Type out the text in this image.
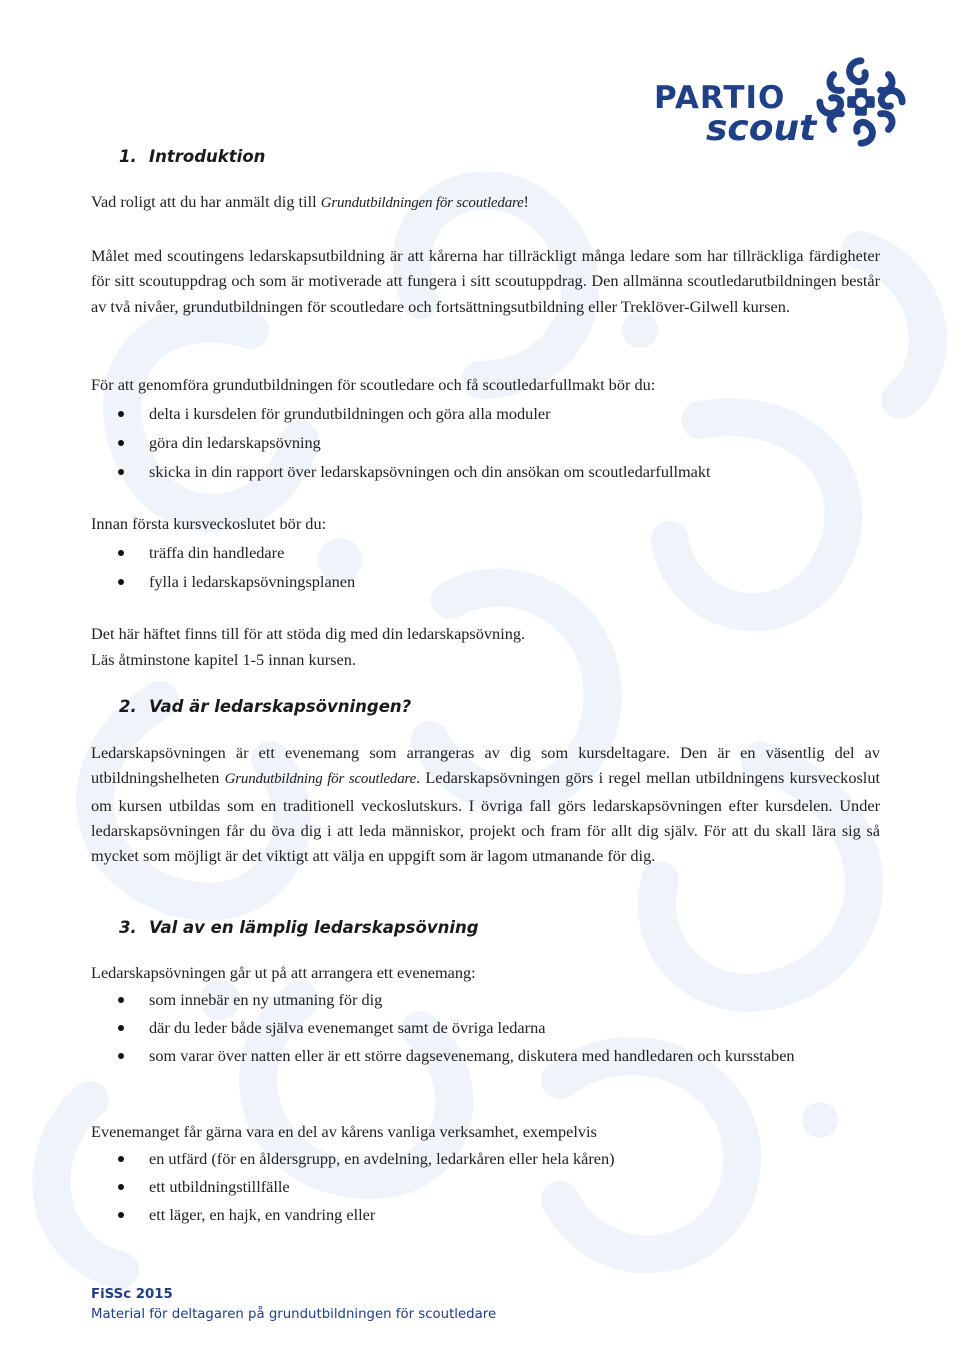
PARTIO
scout
1. Introduktion

Vad roligt att du har anmält dig till Grundutbildningen för scoutledare!

Målet med scoutingens ledarskapsutbildning är att kårerna har tillräckligt många ledare som har tillräckliga färdigheter för sitt scoutuppdrag och som är motiverade att fungera i sitt scoutuppdrag. Den allmänna scoutledarutbildningen består av två nivåer, grundutbildningen för scoutledare och fortsättningsutbildning eller Treklöver-Gilwell kursen.

För att genomföra grundutbildningen för scoutledare och få scoutledarfullmakt bör du:

delta i kursdelen för grundutbildningen och göra alla moduler
göra din ledarskapsövning
skicka in din rapport över ledarskapsövningen och din ansökan om scoutledarfullmakt

Innan första kursveckoslutet bör du:

träffa din handledare
fylla i ledarskapsövningsplanen

Det här häftet finns till för att stöda dig med din ledarskapsövning.

Läs åtminstone kapitel 1-5 innan kursen.

2. Vad är ledarskapsövningen?

Ledarskapsövningen är ett evenemang som arrangeras av dig som kursdeltagare. Den är en väsentlig del av utbildningshelheten Grundutbildning för scoutledare. Ledarskapsövningen görs i regel mellan utbildningens kursveckoslut om kursen utbildas som en traditionell veckoslutskurs. I övriga fall görs ledarskapsövningen efter kursdelen. Under ledarskapsövningen får du öva dig i att leda människor, projekt och fram för allt dig själv. För att du skall lära sig så mycket som möjligt är det viktigt att välja en uppgift som är lagom utmanande för dig.

3. Val av en lämplig ledarskapsövning

Ledarskapsövningen går ut på att arrangera ett evenemang:

som innebär en ny utmaning för dig
där du leder både själva evenemanget samt de övriga ledarna
som varar över natten eller är ett större dagsevenemang, diskutera med handledaren och kursstaben

Evenemanget får gärna vara en del av kårens vanliga verksamhet, exempelvis

en utfärd (för en åldersgrupp, en avdelning, ledarkåren eller hela kåren)
ett utbildningstillfälle
ett läger, en hajk, en vandring eller
FiSSc 2015
Material för deltagaren på grundutbildningen för scoutledare
